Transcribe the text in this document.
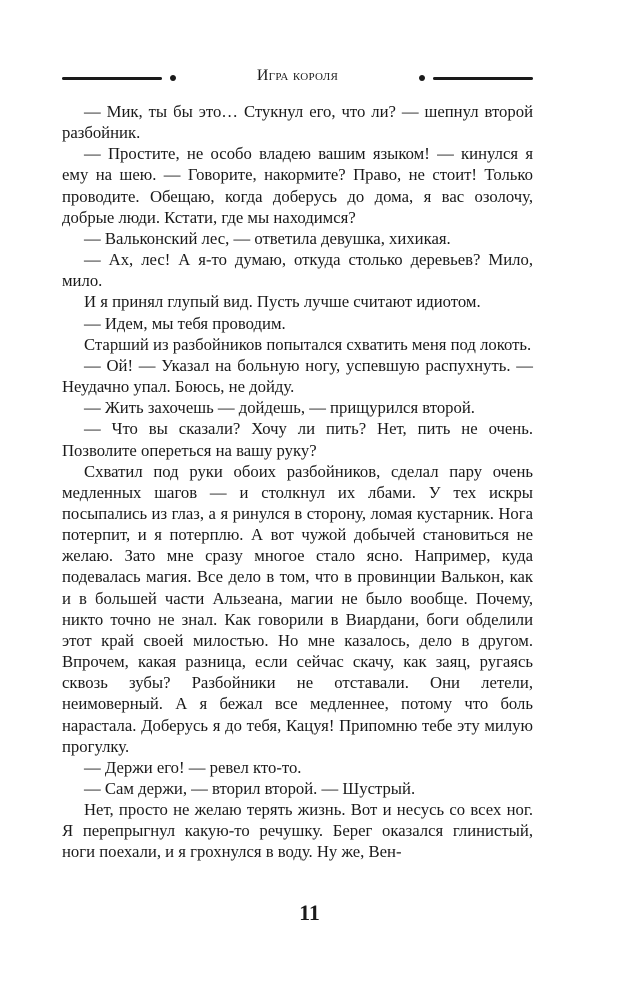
Игра короля

— Мик, ты бы это… Стукнул его, что ли? — шепнул второй разбойник.

— Простите, не особо владею вашим языком! — кинулся я ему на шею. — Говорите, накормите? Право, не стоит! Только проводите. Обещаю, когда доберусь до дома, я вас озолочу, добрые люди. Кстати, где мы находимся?

— Вальконский лес, — ответила девушка, хихикая.

— Ах, лес! А я-то думаю, откуда столько деревьев? Мило, мило.

И я принял глупый вид. Пусть лучше считают идиотом.

— Идем, мы тебя проводим.

Старший из разбойников попытался схватить меня под локоть.

— Ой! — Указал на больную ногу, успевшую распухнуть. — Неудачно упал. Боюсь, не дойду.

— Жить захочешь — дойдешь, — прищурился второй.

— Что вы сказали? Хочу ли пить? Нет, пить не очень. Позволите опереться на вашу руку?

Схватил под руки обоих разбойников, сделал пару очень медленных шагов — и столкнул их лбами. У тех искры посыпались из глаз, а я ринулся в сторону, ломая кустарник. Нога потерпит, и я потерплю. А вот чужой добычей становиться не желаю. Зато мне сразу многое стало ясно. Например, куда подевалась магия. Все дело в том, что в провинции Валькон, как и в большей части Альзеана, магии не было вообще. Почему, никто точно не знал. Как говорили в Виардани, боги обделили этот край своей милостью. Но мне казалось, дело в другом. Впрочем, какая разница, если сейчас скачу, как заяц, ругаясь сквозь зубы? Разбойники не отставали. Они летели, неимоверный. А я бежал все медленнее, потому что боль нарастала. Доберусь я до тебя, Кацуя! Припомню тебе эту милую прогулку.

— Держи его! — ревел кто-то.

— Сам держи, — вторил второй. — Шустрый.

Нет, просто не желаю терять жизнь. Вот и несусь со всех ног. Я перепрыгнул какую-то речушку. Берег оказался глинистый, ноги поехали, и я грохнулся в воду. Ну же, Вен-

11
